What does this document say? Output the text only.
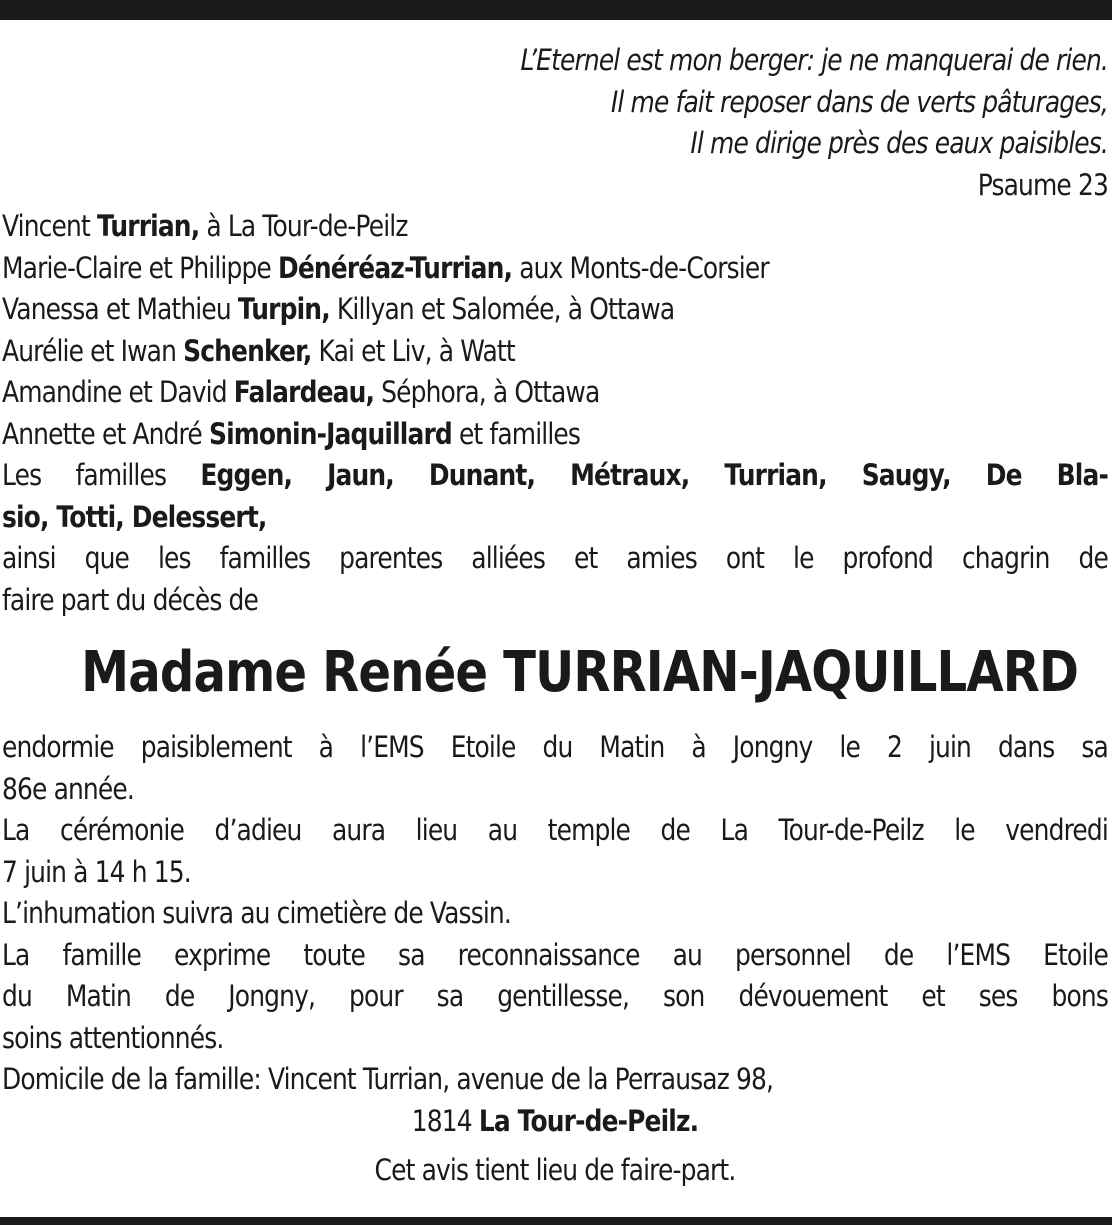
L’Eternel est mon berger: je ne manquerai de rien.
Il me fait reposer dans de verts pâturages,
Il me dirige près des eaux paisibles.
Psaume 23
Vincent Turrian, à La Tour-de-Peilz
Marie-Claire et Philippe Dénéréaz-Turrian, aux Monts-de-Corsier
Vanessa et Mathieu Turpin, Killyan et Salomée, à Ottawa
Aurélie et Iwan Schenker, Kai et Liv, à Watt
Amandine et David Falardeau, Séphora, à Ottawa
Annette et André Simonin-Jaquillard et familles
Les familles Eggen, Jaun, Dunant, Métraux, Turrian, Saugy, De Bla-
sio, Totti, Delessert,
ainsi que les familles parentes alliées et amies ont le profond chagrin de
faire part du décès de
Madame Renée TURRIAN-JAQUILLARD
endormie paisiblement à l’EMS Etoile du Matin à Jongny le 2 juin dans sa
86e année.
La cérémonie d’adieu aura lieu au temple de La Tour-de-Peilz le vendredi
7 juin à 14 h 15.
L’inhumation suivra au cimetière de Vassin.
La famille exprime toute sa reconnaissance au personnel de l’EMS Etoile
du Matin de Jongny, pour sa gentillesse, son dévouement et ses bons
soins attentionnés.
Domicile de la famille: Vincent Turrian, avenue de la Perrausaz 98,
1814 La Tour-de-Peilz.
Cet avis tient lieu de faire-part.
